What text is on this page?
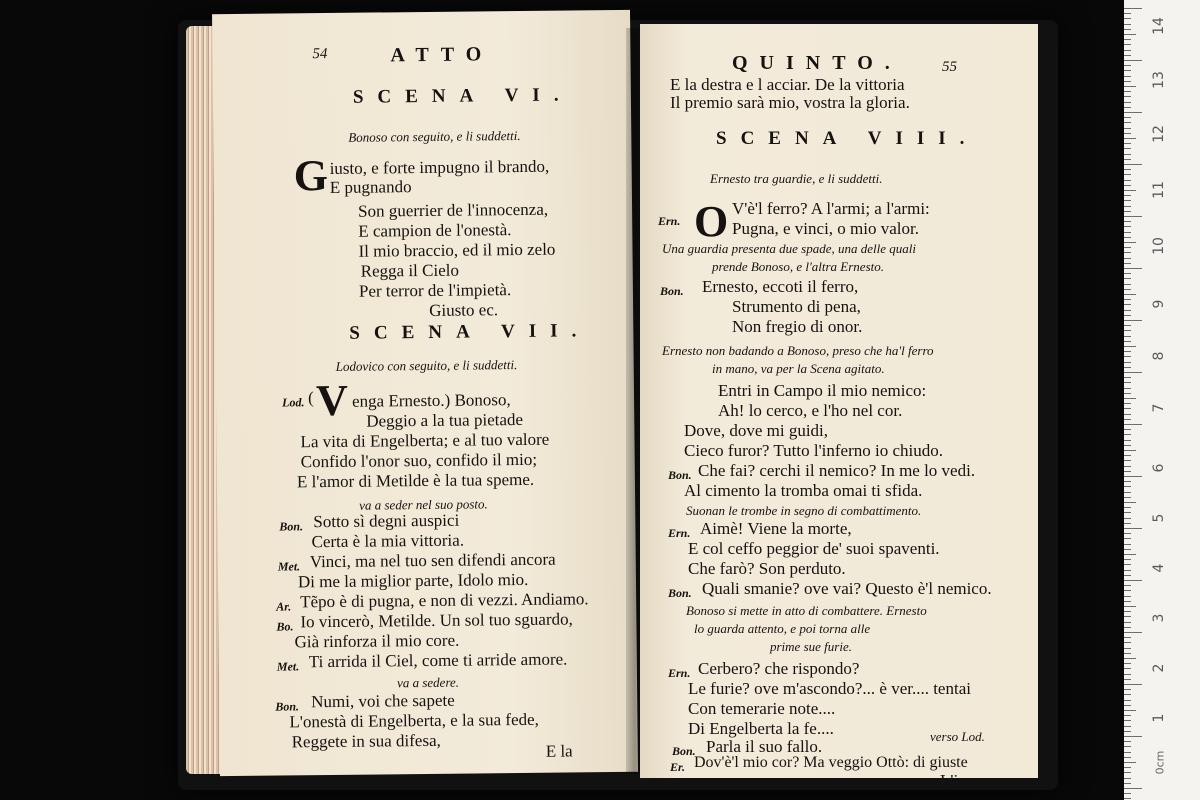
54	ATTO
SCENA VI.
Bonoso con seguito, e li suddetti.
G iusto, e forte impugno il brando,
E pugnando
Son guerrier de l'innocenza,
E campion de l'onestà.
Il mio braccio, ed il mio zelo
Regga il Cielo
Per terror de l'impietà.
Giusto ec.
SCENA VII.
Lodovico con seguito, e li suddetti.
Lod. ( V enga Ernesto.) Bonoso,
Deggio a la tua pietade
La vita di Engelberta; e al tuo valore
Confido l'onor suo, confido il mio;
E l'amor di Metilde è la tua speme.
va a seder nel suo posto.
Bon. Sotto sì degni auspici
Certa è la mia vittoria.
Met. Vinci, ma nel tuo sen difendi ancora
Di me la miglior parte, Idolo mio.
Ar. Tẽpo è di pugna, e non di vezzi. Andiamo.
Bo. Io vincerò, Metilde. Un sol tuo sguardo,
Già rinforza il mio core.
Met. Ti arrida il Ciel, come ti arride amore.
va a sedere.
Bon. Numi, voi che sapete
L'onestà di Engelberta, e la sua fede,
Reggete in sua difesa,	E la
QUINTO.	55
E la destra e l acciar. De la vittoria
Il premio sarà mio, vostra la gloria.
SCENA VIII.
Ernesto tra guardie, e li suddetti.
Ern. O V'è'l ferro? A l'armi; a l'armi:
Pugna, e vinci, o mio valor.
Una guardia presenta due spade, una delle quali
prende Bonoso, e l'altra Ernesto.
Bon. Ernesto, eccoti il ferro,
Strumento di pena,
Non fregio di onor.
Ernesto non badando a Bonoso, preso che ha'l ferro
in mano, va per la Scena agitato.
Entri in Campo il mio nemico:
Ah! lo cerco, e l'ho nel cor.
Dove, dove mi guidi,
Cieco furor? Tutto l'inferno io chiudo.
Bon. Che fai? cerchi il nemico? In me lo vedi.
Al cimento la tromba omai ti sfida.
Suonan le trombe in segno di combattimento.
Ern. Aimè! Viene la morte,
E col ceffo peggior de' suoi spaventi.
Che farò? Son perduto.
Bon. Quali smanie? ove vai? Questo è'l nemico.
Bonoso si mette in atto di combattere. Ernesto
lo guarda attento, e poi torna alle
prime sue furie.
Ern. Cerbero? che rispondo?
Le furie? ove m'ascondo?... è ver.... tentai
Con temerarie note....
Di Engelberta la fe....
Bon. Parla il suo fallo.
verso Lod.
Er. Dov'è'l mio cor? Ma veggio Ottò: di giuste
L'in-
0cm
1
2
3
4
5
6
7
8
9
10
11
12
13
14
